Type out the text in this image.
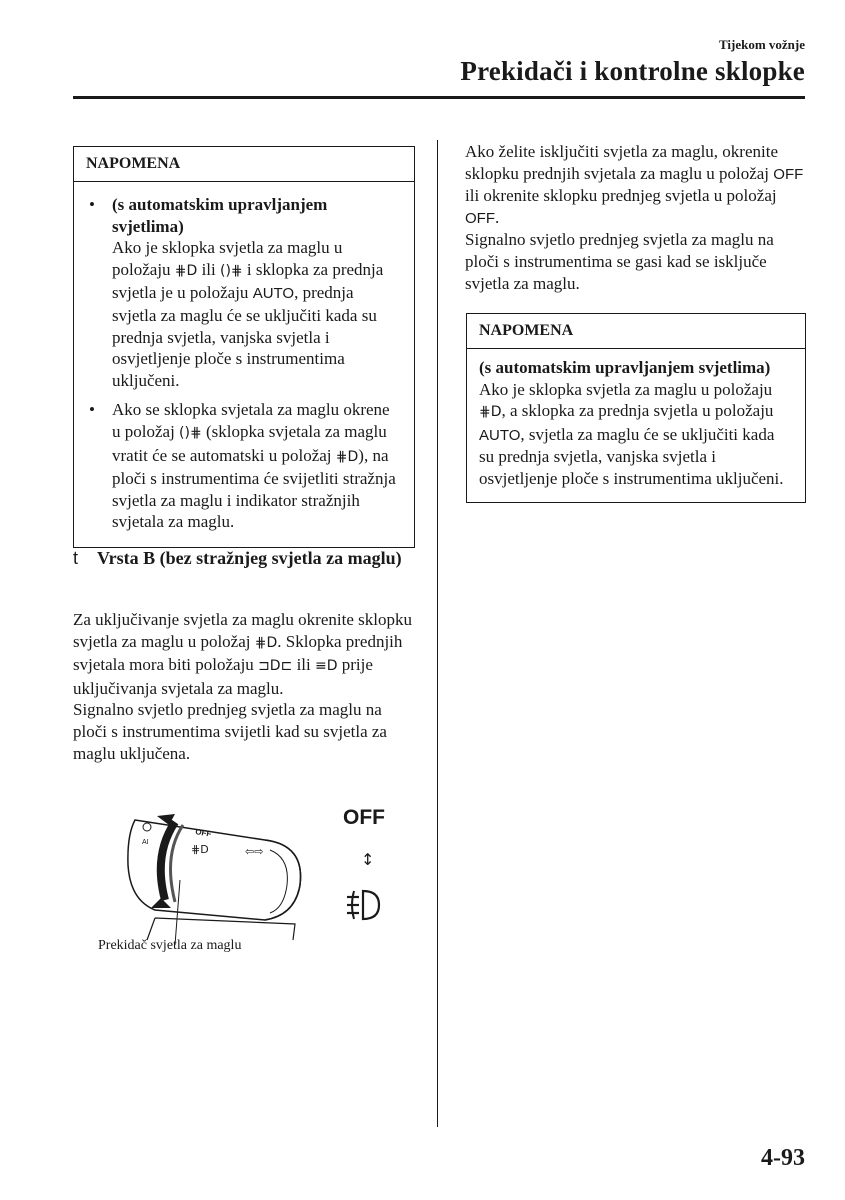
Tijekom vožnje
Prekidači i kontrolne sklopke
NAPOMENA
• (s automatskim upravljanjem svjetlima)
Ako je sklopka svjetla za maglu u položaju ⋕D ili ()⋕ i sklopka za prednja svjetla je u položaju AUTO, prednja svjetla za maglu će se uključiti kada su prednja svjetla, vanjska svjetla i osvjetljenje ploče s instrumentima uključeni.
• Ako se sklopka svjetala za maglu okrene u položaj ()⋕ (sklopka svjetala za maglu vratit će se automatski u položaj ⋕D), na ploči s instrumentima će svijetliti stražnja svjetla za maglu i indikator stražnjih svjetala za maglu.
t	Vrsta B (bez stražnjeg svjetla za maglu)
Za uključivanje svjetla za maglu okrenite sklopku svjetla za maglu u položaj ⋕D. Sklopka prednjih svjetala mora biti položaju ⊐D⊏ ili ≡D prije uključivanja svjetala za maglu.
Signalno svjetlo prednjeg svjetla za maglu na ploči s instrumentima svijetli kad su svjetla za maglu uključena.
OFF
AI
⋕D	⇦⇨
Prekidač svjetla za maglu
OFF
↕
Ako želite isključiti svjetla za maglu, okrenite sklopku prednjih svjetala za maglu u položaj OFF ili okrenite sklopku prednjeg svjetla u položaj OFF.
Signalno svjetlo prednjeg svjetla za maglu na ploči s instrumentima se gasi kad se isključe svjetla za maglu.
NAPOMENA
(s automatskim upravljanjem svjetlima)
Ako je sklopka svjetla za maglu u položaju ⋕D, a sklopka za prednja svjetla u položaju AUTO, svjetla za maglu će se uključiti kada su prednja svjetla, vanjska svjetla i osvjetljenje ploče s instrumentima uključeni.
4-93
